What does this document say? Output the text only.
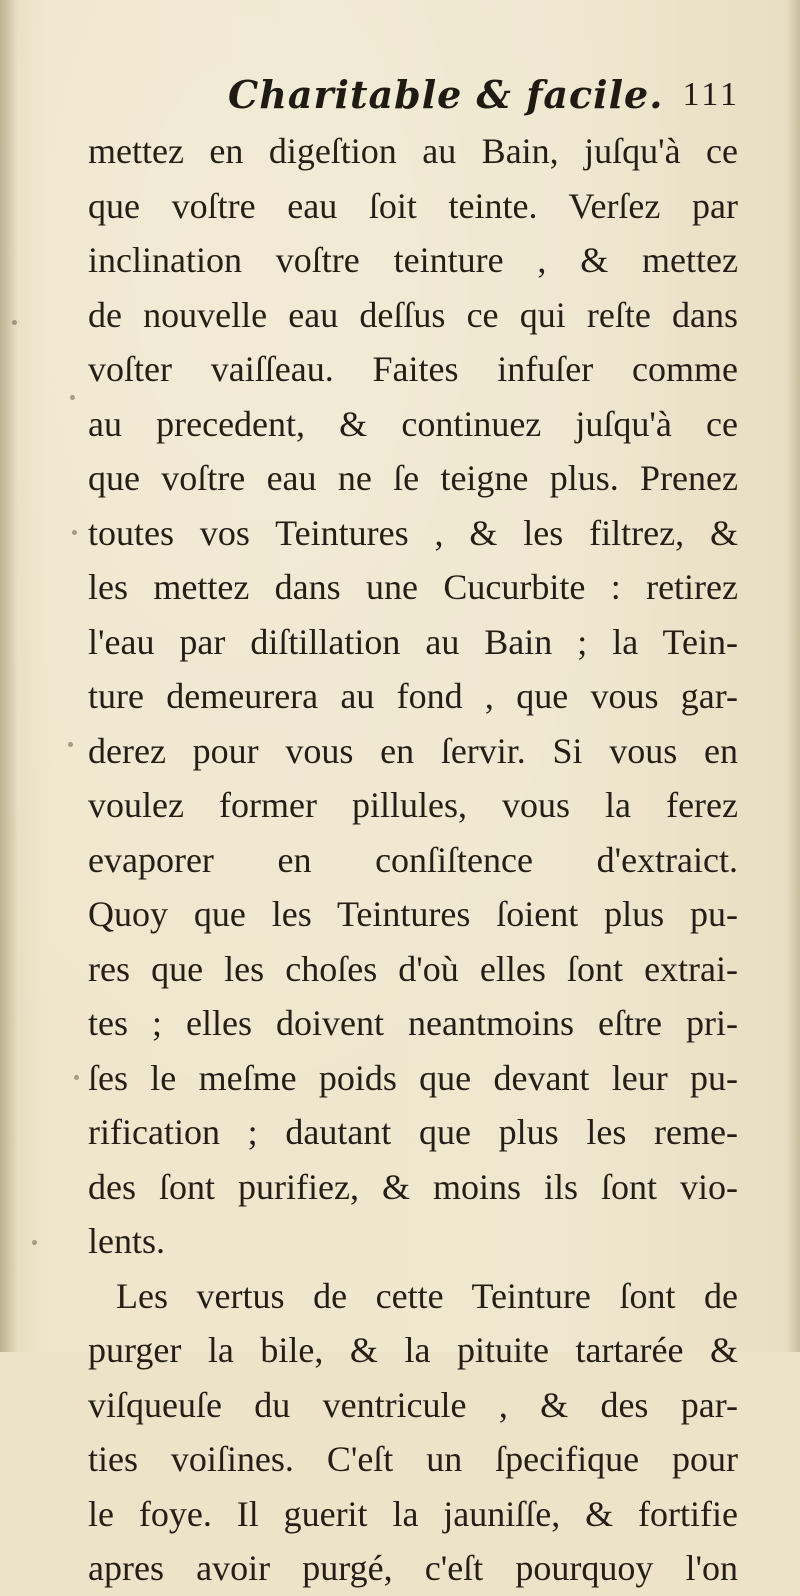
Charitable & facile. 111
mettez en digeſtion au Bain, juſqu'à ce
que voſtre eau ſoit teinte. Verſez par
inclination voſtre teinture , & mettez
de nouvelle eau deſſus ce qui reſte dans
voſter vaiſſeau. Faites infuſer comme
au precedent, & continuez juſqu'à ce
que voſtre eau ne ſe teigne plus. Prenez
toutes vos Teintures , & les filtrez, &
les mettez dans une Cucurbite : retirez
l'eau par diſtillation au Bain ; la Tein-
ture demeurera au fond , que vous gar-
derez pour vous en ſervir. Si vous en
voulez former pillules, vous la ferez
evaporer en conſiſtence d'extraict.
Quoy que les Teintures ſoient plus pu-
res que les choſes d'où elles ſont extrai-
tes ; elles doivent neantmoins eſtre pri-
ſes le meſme poids que devant leur pu-
rification ; dautant que plus les reme-
des ſont purifiez, & moins ils ſont vio-
lents.
Les vertus de cette Teinture ſont de
purger la bile, & la pituite tartarée &
viſqueuſe du ventricule , & des par-
ties voiſines. C'eſt un ſpecifique pour
le foye. Il guerit la jauniſſe, & fortifie
apres avoir purgé, c'eſt pourquoy l'on
